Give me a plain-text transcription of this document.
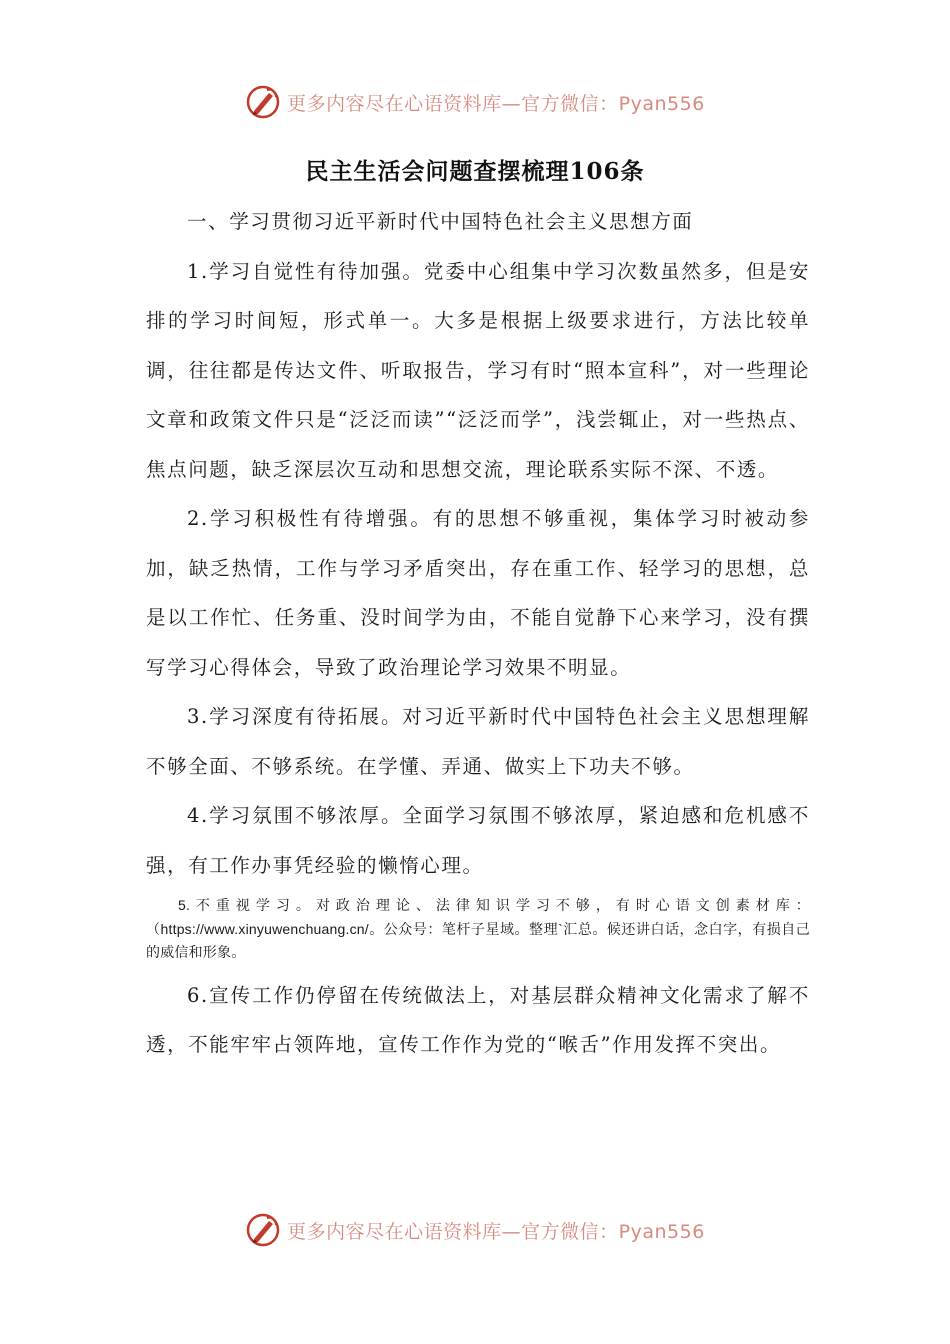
更多内容尽在心语资料库—官方微信：Pyan556
民主生活会问题查摆梳理106条

一、学习贯彻习近平新时代中国特色社会主义思想方面

1.学习自觉性有待加强。党委中心组集中学习次数虽然多，但是安排的学习时间短，形式单一。大多是根据上级要求进行，方法比较单调，往往都是传达文件、听取报告，学习有时“照本宣科”，对一些理论文章和政策文件只是“泛泛而读”“泛泛而学”，浅尝辄止，对一些热点、焦点问题，缺乏深层次互动和思想交流，理论联系实际不深、不透。

2.学习积极性有待增强。有的思想不够重视，集体学习时被动参加，缺乏热情，工作与学习矛盾突出，存在重工作、轻学习的思想，总是以工作忙、任务重、没时间学为由，不能自觉静下心来学习，没有撰写学习心得体会，导致了政治理论学习效果不明显。

3.学习深度有待拓展。对习近平新时代中国特色社会主义思想理解不够全面、不够系统。在学懂、弄通、做实上下功夫不够。

4.学习氛围不够浓厚。全面学习氛围不够浓厚，紧迫感和危机感不强，有工作办事凭经验的懒惰心理。

5.不重视学习。对政治理论、法律知识学习不够，有时心语文创素材库：（https://www.xinyuwenchuang.cn/。公众号：笔杆子星域。整理`汇总。候还讲白话，念白字，有损自己的威信和形象。

6.宣传工作仍停留在传统做法上，对基层群众精神文化需求了解不透，不能牢牢占领阵地，宣传工作作为党的“喉舌”作用发挥不突出。

更多内容尽在心语资料库—官方微信：Pyan556
